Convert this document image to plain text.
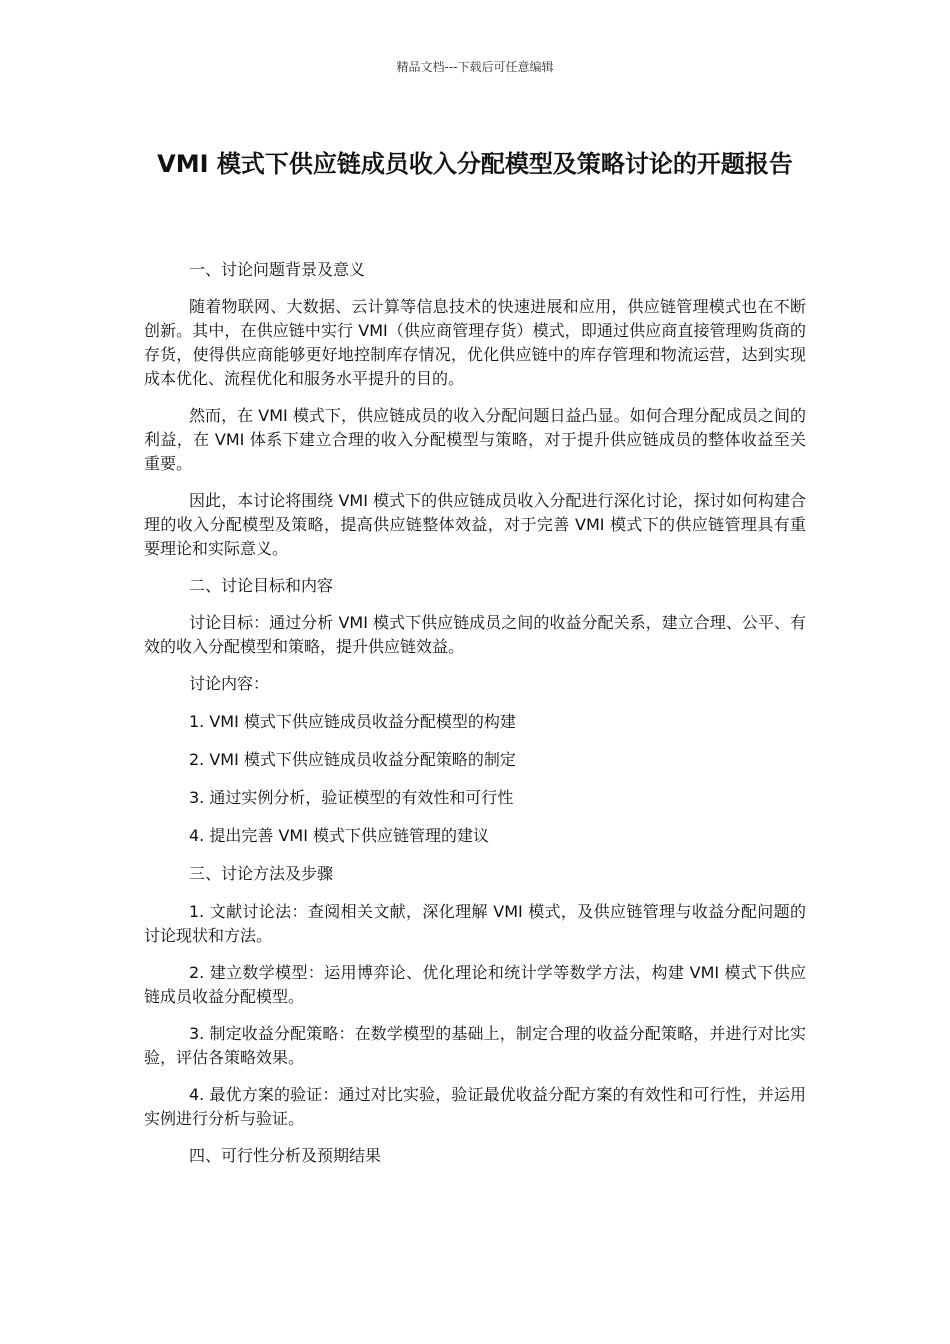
精品文档---下载后可任意编辑
VMI 模式下供应链成员收入分配模型及策略讨论的开题报告

一、讨论问题背景及意义

随着物联网、大数据、云计算等信息技术的快速进展和应用，供应链管理模式也在不断创新。其中，在供应链中实行 VMI（供应商管理存货）模式，即通过供应商直接管理购货商的存货，使得供应商能够更好地控制库存情况，优化供应链中的库存管理和物流运营，达到实现成本优化、流程优化和服务水平提升的目的。

然而，在 VMI 模式下，供应链成员的收入分配问题日益凸显。如何合理分配成员之间的利益，在 VMI 体系下建立合理的收入分配模型与策略，对于提升供应链成员的整体收益至关重要。

因此，本讨论将围绕 VMI 模式下的供应链成员收入分配进行深化讨论，探讨如何构建合理的收入分配模型及策略，提高供应链整体效益，对于完善 VMI 模式下的供应链管理具有重要理论和实际意义。

二、讨论目标和内容

讨论目标：通过分析 VMI 模式下供应链成员之间的收益分配关系，建立合理、公平、有效的收入分配模型和策略，提升供应链效益。

讨论内容：

1. VMI 模式下供应链成员收益分配模型的构建

2. VMI 模式下供应链成员收益分配策略的制定

3. 通过实例分析，验证模型的有效性和可行性

4. 提出完善 VMI 模式下供应链管理的建议

三、讨论方法及步骤

1. 文献讨论法：查阅相关文献，深化理解 VMI 模式，及供应链管理与收益分配问题的讨论现状和方法。

2. 建立数学模型：运用博弈论、优化理论和统计学等数学方法，构建 VMI 模式下供应链成员收益分配模型。

3. 制定收益分配策略：在数学模型的基础上，制定合理的收益分配策略，并进行对比实验，评估各策略效果。

4. 最优方案的验证：通过对比实验，验证最优收益分配方案的有效性和可行性，并运用实例进行分析与验证。

四、可行性分析及预期结果
